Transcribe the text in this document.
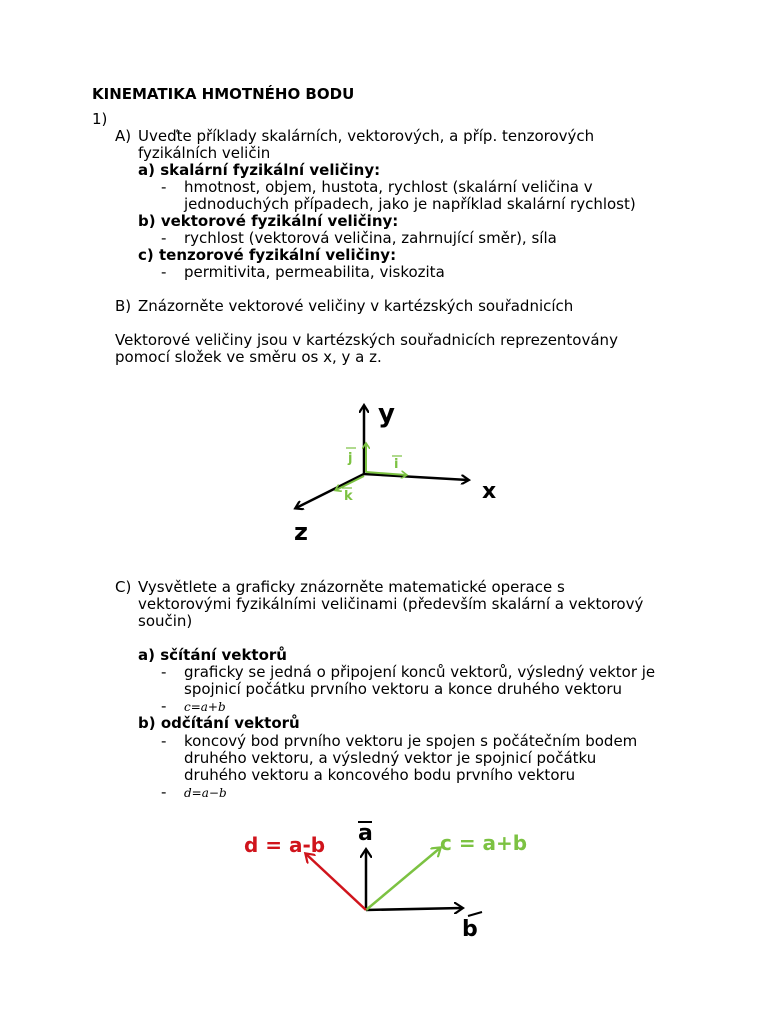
KINEMATIKA HMOTNÉHO BODU
1)
A) Uveďte příklady skalárních, vektorových, a příp. tenzorových
fyzikálních veličin
a) skalární fyzikální veličiny:
- hmotnost, objem, hustota, rychlost (skalární veličina v
jednoduchých případech, jako je například skalární rychlost)
b) vektorové fyzikální veličiny:
- rychlost (vektorová veličina, zahrnující směr), síla
c) tenzorové fyzikální veličiny:
- permitivita, permeabilita, viskozita
B) Znázorněte vektorové veličiny v kartézských souřadnicích
Vektorové veličiny jsou v kartézských souřadnicích reprezentovány
pomocí složek ve směru os x, y a z.
y
x
z
j	i
k
C) Vysvětlete a graficky znázorněte matematické operace s
vektorovými fyzikálními veličinami (především skalární a vektorový
součin)
a) sčítání vektorů
- graficky se jedná o připojení konců vektorů, výsledný vektor je
spojnicí počátku prvního vektoru a konce druhého vektoru
- c=a+b
b) odčítání vektorů
- koncový bod prvního vektoru je spojen s počátečním bodem
druhého vektoru, a výsledný vektor je spojnicí počátku
druhého vektoru a koncového bodu prvního vektoru
- d=a−b
a
b
c = a+b
d = a-b
